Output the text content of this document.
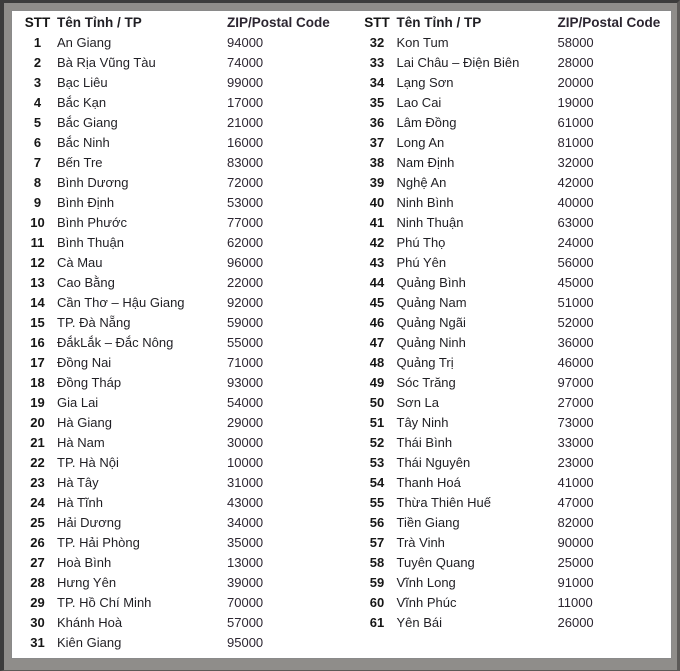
STT Tên Tỉnh / TP	ZIP/Postal Code
1	An Giang	94000
2	Bà Rịa Vũng Tàu	74000
3	Bạc Liêu	99000
4	Bắc Kạn	17000
5	Bắc Giang	21000
6	Bắc Ninh	16000
7	Bến Tre	83000
8	Bình Dương	72000
9	Bình Định	53000
10 Bình Phước	77000
11 Bình Thuận	62000
12 Cà Mau	96000
13 Cao Bằng	22000
14 Cần Thơ – Hậu Giang	92000
15 TP. Đà Nẵng	59000
16 ĐắkLắk – Đắc Nông	55000
17 Đồng Nai	71000
18 Đồng Tháp	93000
19 Gia Lai	54000
20 Hà Giang	29000
21 Hà Nam	30000
22 TP. Hà Nội	10000
23 Hà Tây	31000
24 Hà Tĩnh	43000
25 Hải Dương	34000
26 TP. Hải Phòng	35000
27 Hoà Bình	13000
28 Hưng Yên	39000
29 TP. Hồ Chí Minh	70000
30 Khánh Hoà	57000
31 Kiên Giang	95000
STT Tên Tỉnh / TP	ZIP/Postal Code
32 Kon Tum	58000
33 Lai Châu – Điện Biên	28000
34 Lạng Sơn	20000
35 Lao Cai	19000
36 Lâm Đồng	61000
37 Long An	81000
38 Nam Định	32000
39 Nghệ An	42000
40 Ninh Bình	40000
41 Ninh Thuận	63000
42 Phú Thọ	24000
43 Phú Yên	56000
44 Quảng Bình	45000
45 Quảng Nam	51000
46 Quảng Ngãi	52000
47 Quảng Ninh	36000
48 Quảng Trị	46000
49 Sóc Trăng	97000
50 Sơn La	27000
51 Tây Ninh	73000
52 Thái Bình	33000
53 Thái Nguyên	23000
54 Thanh Hoá	41000
55 Thừa Thiên Huế	47000
56 Tiền Giang	82000
57 Trà Vinh	90000
58 Tuyên Quang	25000
59 Vĩnh Long	91000
60 Vĩnh Phúc	11000
61 Yên Bái	26000
